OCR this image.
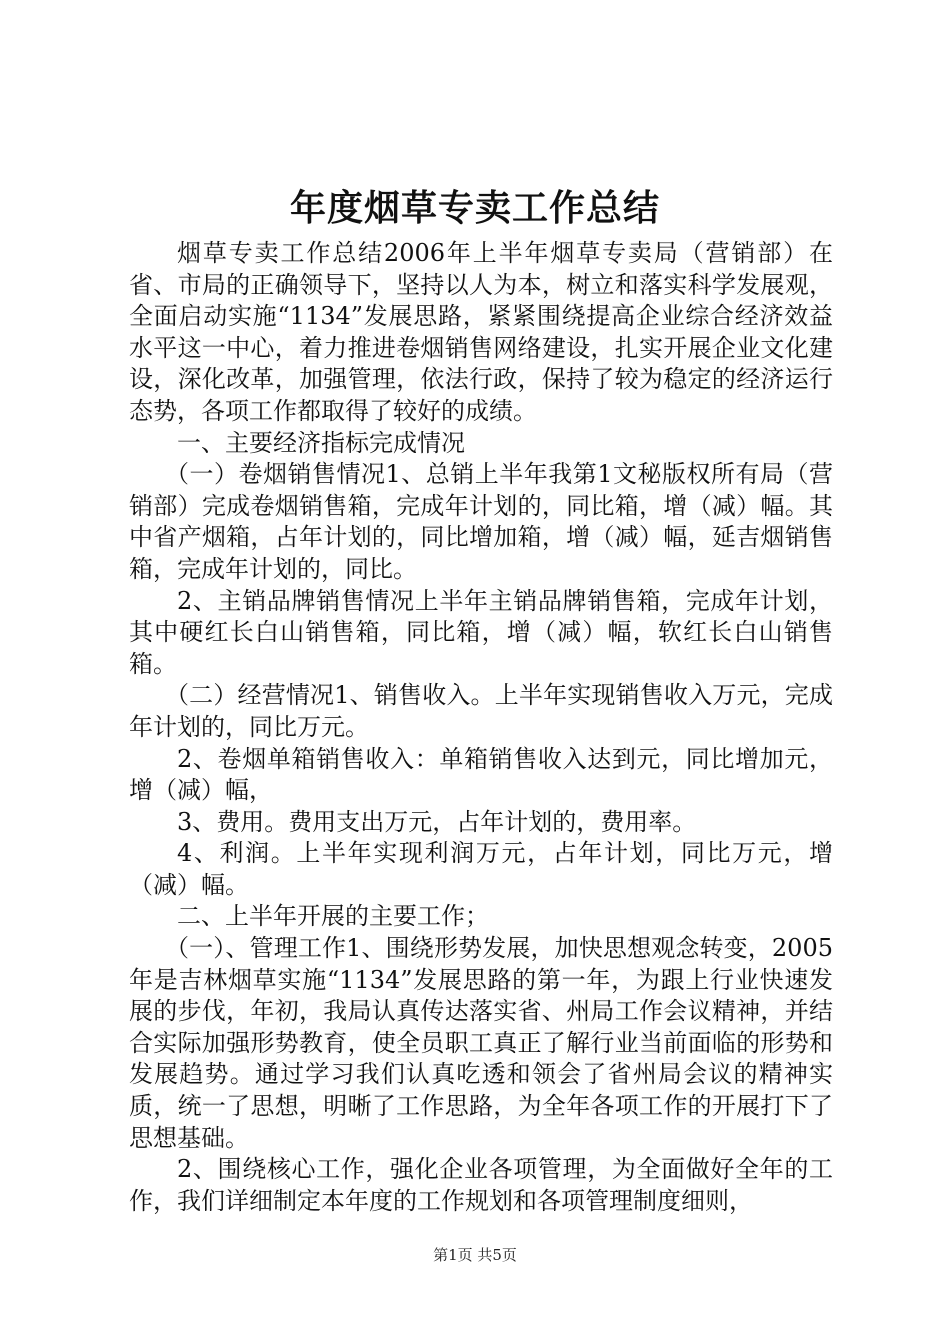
年度烟草专卖工作总结

烟草专卖工作总结2006年上半年烟草专卖局（营销部）在省、市局的正确领导下，坚持以人为本，树立和落实科学发展观，全面启动实施“1134”发展思路，紧紧围绕提高企业综合经济效益水平这一中心，着力推进卷烟销售网络建设，扎实开展企业文化建设，深化改革，加强管理，依法行政，保持了较为稳定的经济运行态势，各项工作都取得了较好的成绩。

一、主要经济指标完成情况

（一）卷烟销售情况1、总销上半年我第1文秘版权所有局（营销部）完成卷烟销售箱，完成年计划的，同比箱，增（减）幅。其中省产烟箱，占年计划的，同比增加箱，增（减）幅，延吉烟销售箱，完成年计划的，同比。

2、主销品牌销售情况上半年主销品牌销售箱，完成年计划，其中硬红长白山销售箱，同比箱，增（减）幅，软红长白山销售箱。

（二）经营情况1、销售收入。上半年实现销售收入万元，完成年计划的，同比万元。

2、卷烟单箱销售收入：单箱销售收入达到元，同比增加元，增（减）幅，

3、费用。费用支出万元，占年计划的，费用率。

4、利润。上半年实现利润万元，占年计划，同比万元，增（减）幅。

二、上半年开展的主要工作；

（一）、管理工作1、围绕形势发展，加快思想观念转变，2005年是吉林烟草实施“1134”发展思路的第一年，为跟上行业快速发展的步伐，年初，我局认真传达落实省、州局工作会议精神，并结合实际加强形势教育，使全员职工真正了解行业当前面临的形势和发展趋势。通过学习我们认真吃透和领会了省州局会议的精神实质，统一了思想，明晰了工作思路，为全年各项工作的开展打下了思想基础。

2、围绕核心工作，强化企业各项管理，为全面做好全年的工作，我们详细制定本年度的工作规划和各项管理制度细则，

第1页 共5页
